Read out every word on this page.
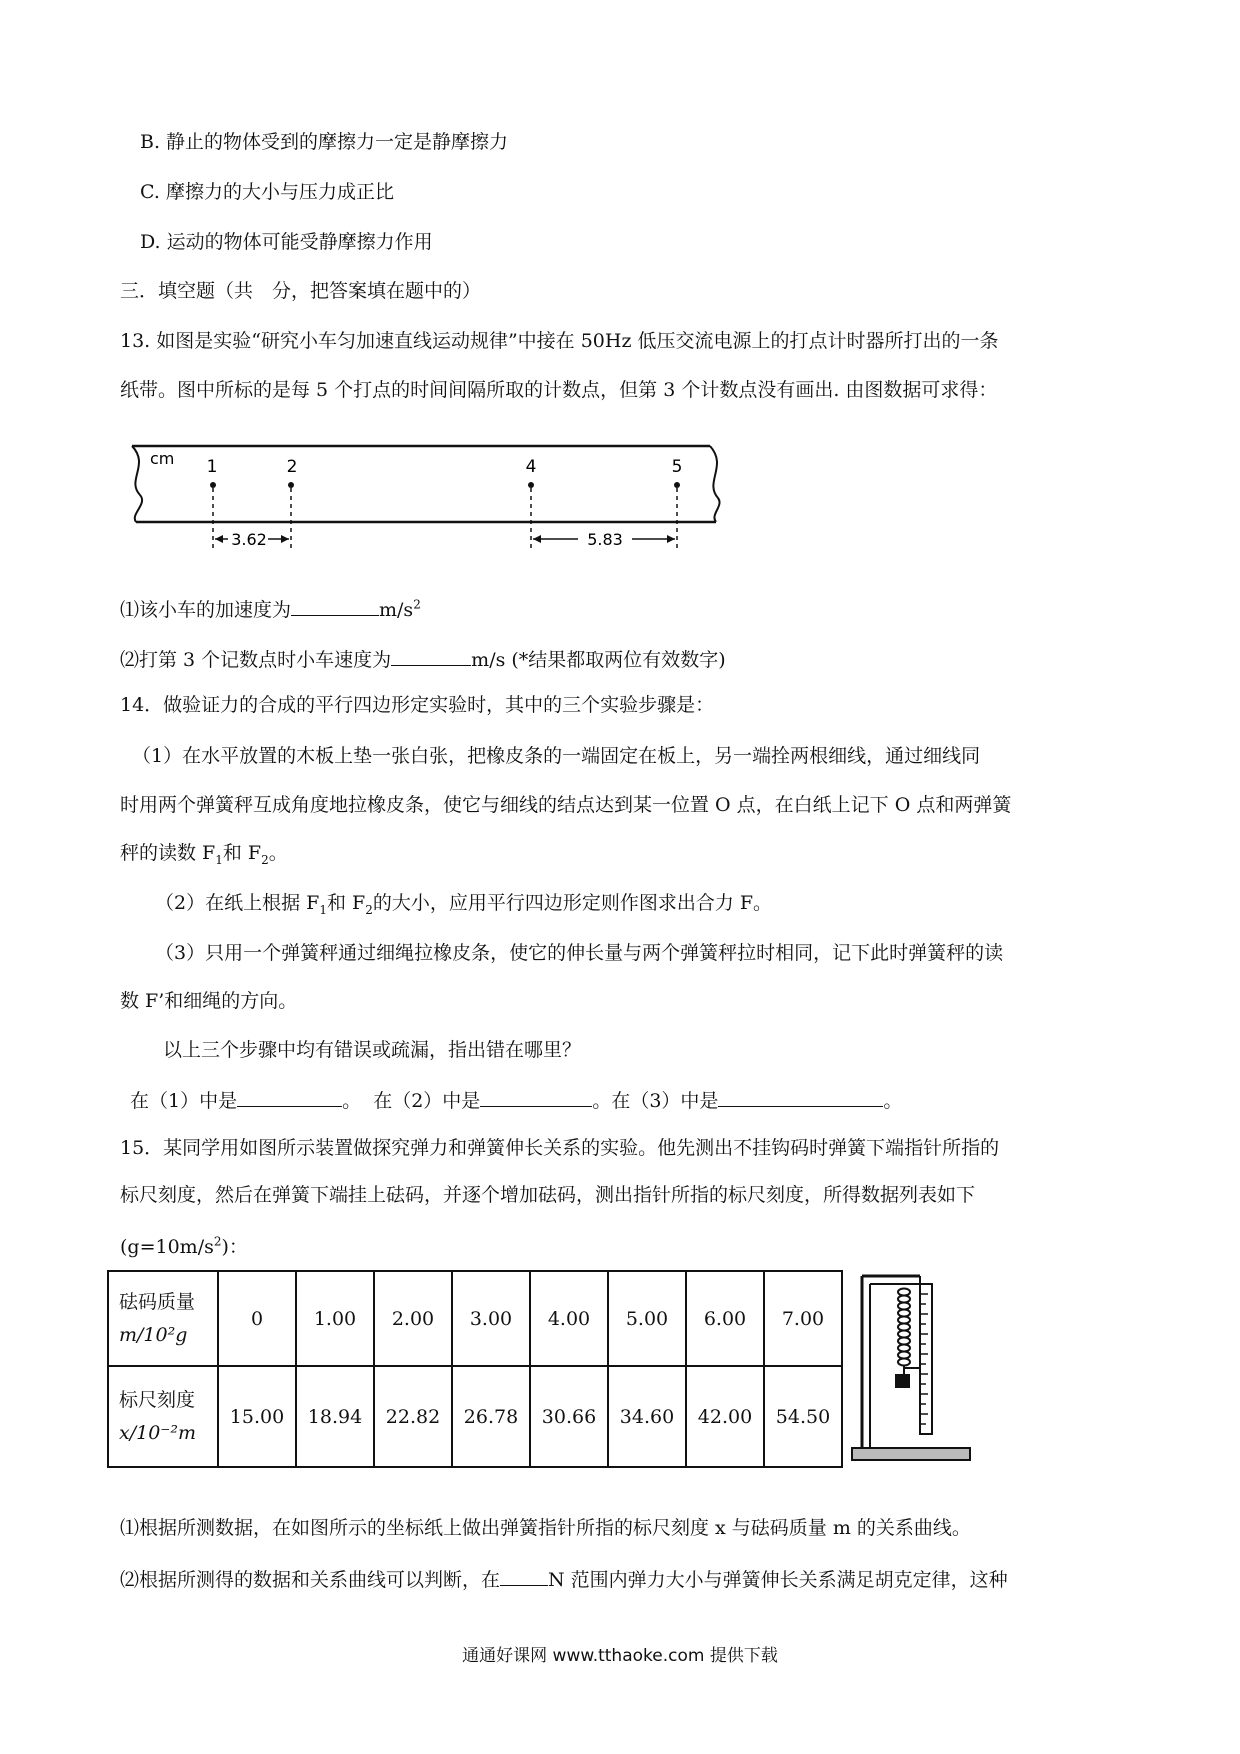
B. 静止的物体受到的摩擦力一定是静摩擦力
C. 摩擦力的大小与压力成正比
D. 运动的物体可能受静摩擦力作用
三．填空题（共　分，把答案填在题中的）
13. 如图是实验“研究小车匀加速直线运动规律”中接在 50Hz 低压交流电源上的打点计时器所打出的一条
纸带。图中所标的是每 5 个打点的时间间隔所取的计数点，但第 3 个计数点没有画出. 由图数据可求得：
cm 1	2	4	5
3.62	5.83
⑴该小车的加速度为	$m/s^2$
⑵打第 3 个记数点时小车速度为	m/s (*结果都取两位有效数字)
14．做验证力的合成的平行四边形定实验时，其中的三个实验步骤是：
（1）在水平放置的木板上垫一张白张，把橡皮条的一端固定在板上，另一端拴两根细线，通过细线同
时用两个弹簧秤互成角度地拉橡皮条，使它与细线的结点达到某一位置 O 点，在白纸上记下 O 点和两弹簧
秤的读数 $F_1$和 $F_2$。
（2）在纸上根据 $F_1$和 $F_2$的大小，应用平行四边形定则作图求出合力 F。
（3）只用一个弹簧秤通过细绳拉橡皮条，使它的伸长量与两个弹簧秤拉时相同，记下此时弹簧秤的读
数 F’和细绳的方向。
以上三个步骤中均有错误或疏漏，指出错在哪里？
在（1）中是	。 在（2）中是	。在（3）中是	。
15．某同学用如图所示装置做探究弹力和弹簧伸长关系的实验。他先测出不挂钩码时弹簧下端指针所指的
标尺刻度，然后在弹簧下端挂上砝码，并逐个增加砝码，测出指针所指的标尺刻度，所得数据列表如下
$(g=10m/s^2)$：
砝码质量
m/10²g	0	1.00	2.00	3.00	4.00	5.00	6.00	7.00

标尺刻度
x/10⁻²m	15.00	18.94	22.82	26.78	30.66	34.60	42.00	54.50
⑴根据所测数据，在如图所示的坐标纸上做出弹簧指针所指的标尺刻度 x 与砝码质量 m 的关系曲线。
⑵根据所测得的数据和关系曲线可以判断，在	N 范围内弹力大小与弹簧伸长关系满足胡克定律，这种
通通好课网 www.tthaoke.com 提供下载
